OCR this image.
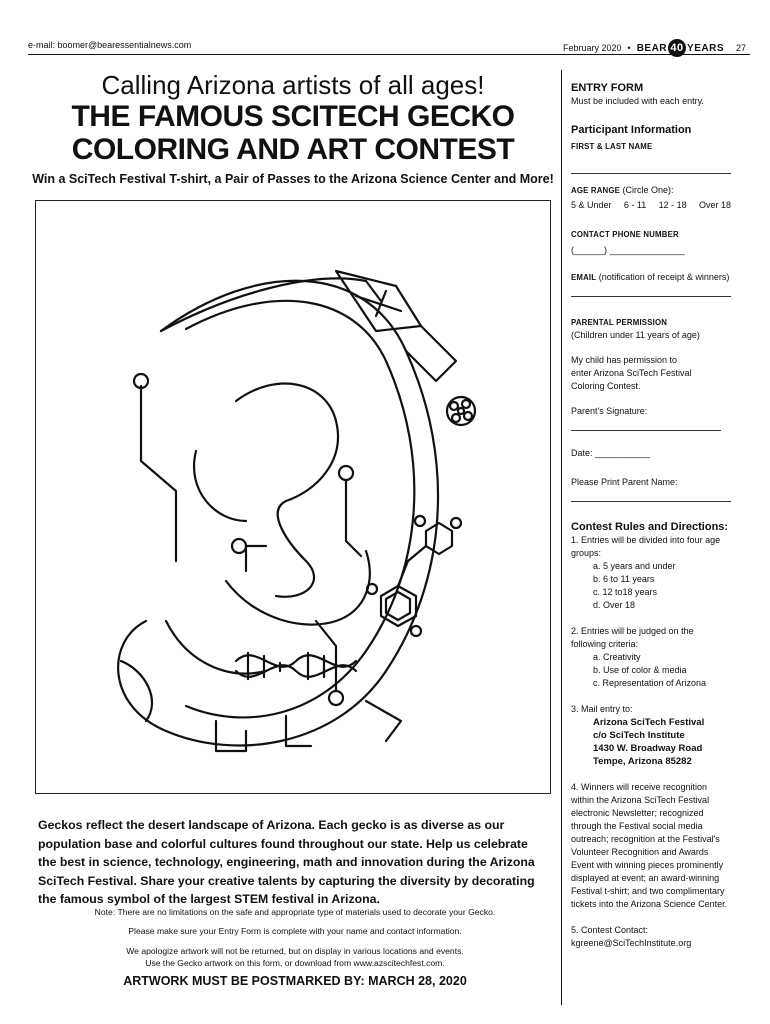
e-mail: boomer@bearessentialnews.com	February 2020 • BEAR 40 YEARS 27
Calling Arizona artists of all ages!
THE FAMOUS SCITECH GECKO
COLORING AND ART CONTEST
Win a SciTech Festival T-shirt, a Pair of Passes to the Arizona Science Center and More!
Geckos reflect the desert landscape of Arizona. Each gecko is as diverse as our population base and colorful cultures found throughout our state. Help us celebrate the best in science, technology, engineering, math and innovation during the Arizona SciTech Festival. Share your creative talents by capturing the diversity by decorating the famous symbol of the largest STEM festival in Arizona.
Note: There are no limitations on the safe and appropriate type of materials used to decorate your Gecko.
Please make sure your Entry Form is complete with your name and contact information.
We apologize artwork will not be returned, but on display in various locations and events.
Use the Gecko artwork on this form, or download from www.azscitechfest.com.
ARTWORK MUST BE POSTMARKED BY: MARCH 28, 2020
ENTRY FORM
Must be included with each entry.
Participant Information
FIRST & LAST NAME
AGE RANGE (Circle One):
5 & Under 6 - 11 12 - 18 Over 18
CONTACT PHONE NUMBER
(______) _______________
EMAIL (notification of receipt & winners)
PARENTAL PERMISSION
(Children under 11 years of age)
My child has permission to enter Arizona SciTech Festival Coloring Contest.
Parent's Signature:
Date: ___________
Please Print Parent Name:
Contest Rules and Directions:
1. Entries will be divided into four age groups:
a. 5 years and under
b. 6 to 11 years
c. 12 to18 years
d. Over 18
2. Entries will be judged on the following criteria:
a. Creativity
b. Use of color & media
c. Representation of Arizona
3. Mail entry to:
Arizona SciTech Festival
c/o SciTech Institute
1430 W. Broadway Road
Tempe, Arizona 85282
4. Winners will receive recognition within the Arizona SciTech Festival electronic Newsletter; recognized through the Festival social media outreach; recognition at the Festival's Volunteer Recognition and Awards Event with winning pieces prominently displayed at event; an award-winning Festival t-shirt; and two complimentary tickets into the Arizona Science Center.
5. Contest Contact:
kgreene@SciTechInstitute.org
